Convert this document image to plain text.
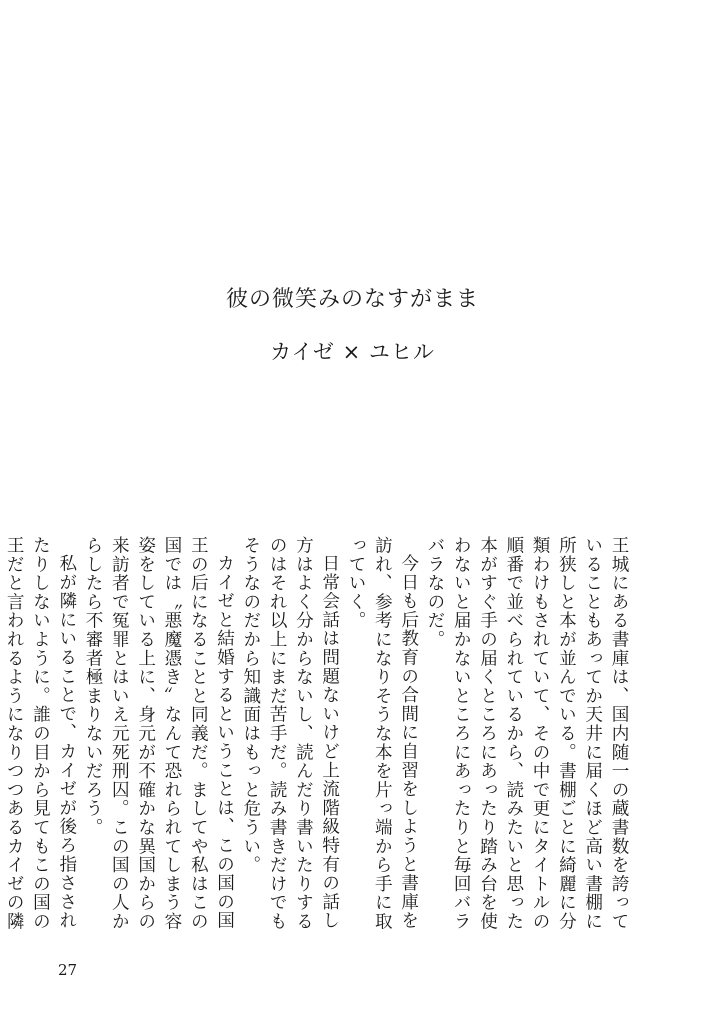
彼の微笑みのなすがまま
カイゼ × ユヒル

王城にある書庫は、国内随一の蔵書数を誇っていることもあってか天井に届くほど高い書棚に所狭しと本が並んでいる。書棚ごとに綺麗に分類わけもされていて、その中で更にタイトルの順番で並べられているから、読みたいと思った本がすぐ手の届くところにあったり踏み台を使わないと届かないところにあったりと毎回バラバラなのだ。

今日も后教育の合間に自習をしようと書庫を訪れ、参考になりそうな本を片っ端から手に取っていく。

日常会話は問題ないけど上流階級特有の話し方はよく分からないし、読んだり書いたりするのはそれ以上にまだ苦手だ。読み書きだけでもそうなのだから知識面はもっと危うい。

カイゼと結婚するということは、この国の国王の后になることと同義だ。ましてや私はこの国では〝悪魔憑き〟なんて恐れられてしまう容姿をしている上に、身元が不確かな異国からの来訪者で冤罪とはいえ元死刑囚。この国の人からしたら不審者極まりないだろう。

私が隣にいることで、カイゼが後ろ指さされたりしないように。誰の目から見てもこの国の王だと言われるようになりつつあるカイゼの隣

27
